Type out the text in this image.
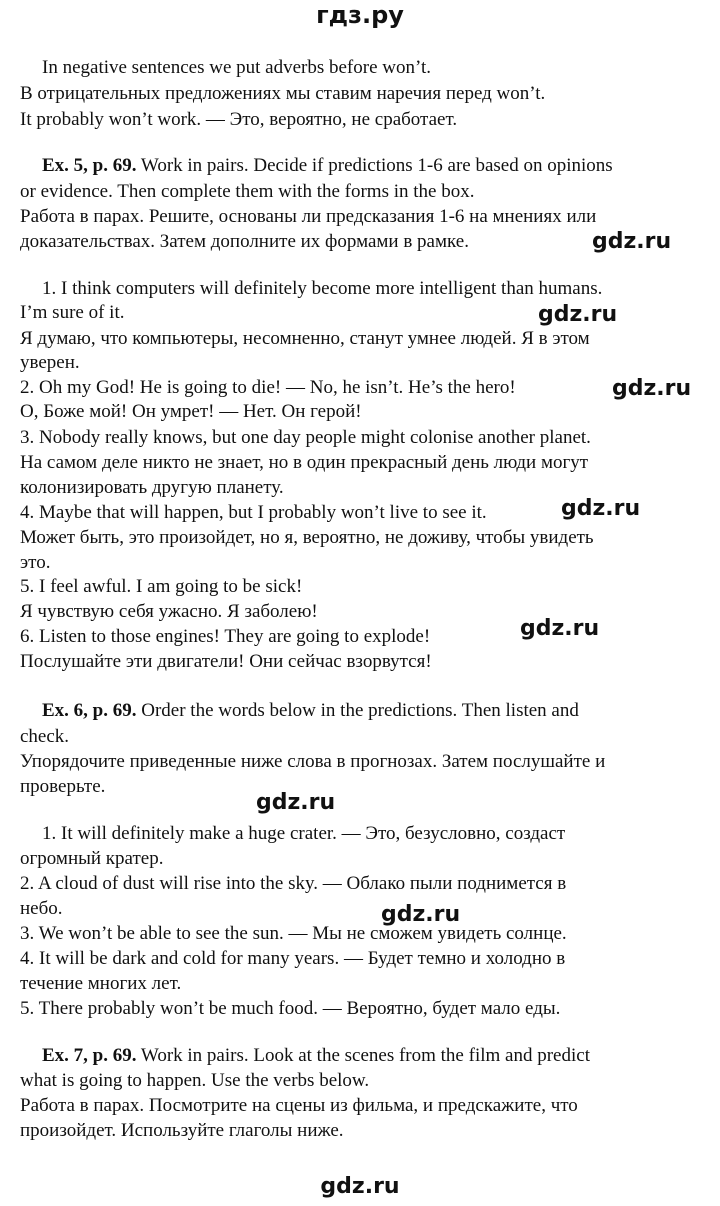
гдз.ру
In negative sentences we put adverbs before won’t.
В отрицательных предложениях мы ставим наречия перед won’t.
It probably won’t work. — Это, вероятно, не сработает.
Ex. 5, p. 69. Work in pairs. Decide if predictions 1-6 are based on opinions
or evidence. Then complete them with the forms in the box.
Работа в парах. Решите, основаны ли предсказания 1-6 на мнениях или
доказательствах. Затем дополните их формами в рамке.	gdz.ru
1. I think computers will definitely become more intelligent than humans.
I’m sure of it.	gdz.ru
Я думаю, что компьютеры, несомненно, станут умнее людей. Я в этом
уверен.
2. Oh my God! He is going to die! — No, he isn’t. He’s the hero!	gdz.ru
О, Боже мой! Он умрет! — Нет. Он герой!
3. Nobody really knows, but one day people might colonise another planet.
На самом деле никто не знает, но в один прекрасный день люди могут
колонизировать другую планету.
4. Maybe that will happen, but I probably won’t live to see it.	gdz.ru
Может быть, это произойдет, но я, вероятно, не доживу, чтобы увидеть
это.
5. I feel awful. I am going to be sick!
Я чувствую себя ужасно. Я заболею!
6. Listen to those engines! They are going to explode!	gdz.ru
Послушайте эти двигатели! Они сейчас взорвутся!
Ex. 6, p. 69. Order the words below in the predictions. Then listen and
check.
Упорядочите приведенные ниже слова в прогнозах. Затем послушайте и
проверьте.
gdz.ru
1. It will definitely make a huge crater. — Это, безусловно, создаст
огромный кратер.
2. A cloud of dust will rise into the sky. — Облако пыли поднимется в
небо.	gdz.ru
3. We won’t be able to see the sun. — Мы не сможем увидеть солнце.
4. It will be dark and cold for many years. — Будет темно и холодно в
течение многих лет.
5. There probably won’t be much food. — Вероятно, будет мало еды.
Ex. 7, p. 69. Work in pairs. Look at the scenes from the film and predict
what is going to happen. Use the verbs below.
Работа в парах. Посмотрите на сцены из фильма, и предскажите, что
произойдет. Используйте глаголы ниже.
gdz.ru
